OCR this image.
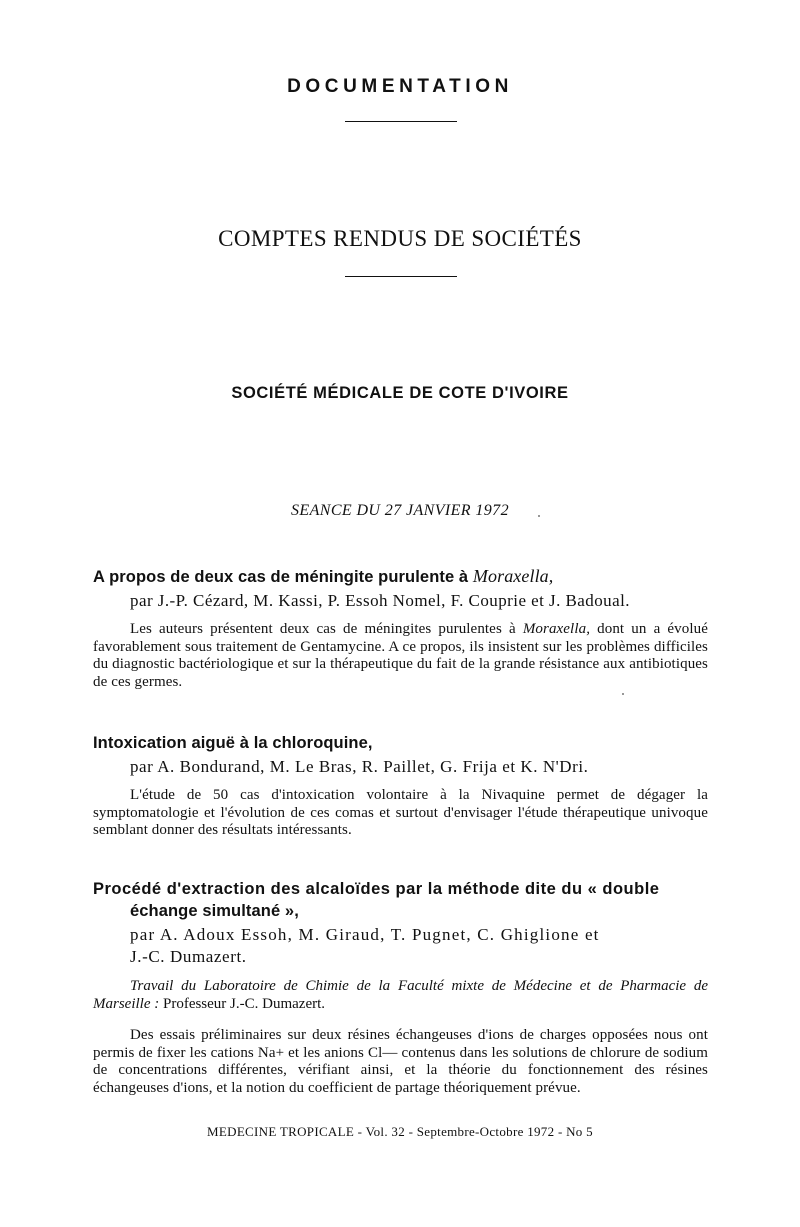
DOCUMENTATION
COMPTES RENDUS DE SOCIÉTÉS
SOCIÉTÉ MÉDICALE DE COTE D'IVOIRE
SEANCE DU 27 JANVIER 1972

A propos de deux cas de méningite purulente à Moraxella,

par J.-P. Cézard, M. Kassi, P. Essoh Nomel, F. Couprie et J. Badoual.

Les auteurs présentent deux cas de méningites purulentes à Moraxella, dont un a évolué favorablement sous traitement de Gentamycine. A ce propos, ils insistent sur les problèmes difficiles du diagnostic bactériologique et sur la thérapeutique du fait de la grande résistance aux antibiotiques de ces germes.

Intoxication aiguë à la chloroquine,

par A. Bondurand, M. Le Bras, R. Paillet, G. Frija et K. N'Dri.

L'étude de 50 cas d'intoxication volontaire à la Nivaquine permet de dégager la symptomatologie et l'évolution de ces comas et surtout d'envisager l'étude thérapeutique univoque semblant donner des résultats intéressants.

Procédé d'extraction des alcaloïdes par la méthode dite du « double

échange simultané »,

par A. Adoux Essoh, M. Giraud, T. Pugnet, C. Ghiglione et

J.-C. Dumazert.

Travail du Laboratoire de Chimie de la Faculté mixte de Médecine et de Pharmacie de Marseille : Professeur J.-C. Dumazert.

Des essais préliminaires sur deux résines échangeuses d'ions de charges opposées nous ont permis de fixer les cations Na+ et les anions Cl— contenus dans les solutions de chlorure de sodium de concentrations différentes, vérifiant ainsi, et la théorie du fonctionnement des résines échangeuses d'ions, et la notion du coefficient de partage théoriquement prévue.

MEDECINE TROPICALE - Vol. 32 - Septembre-Octobre 1972 - No 5
